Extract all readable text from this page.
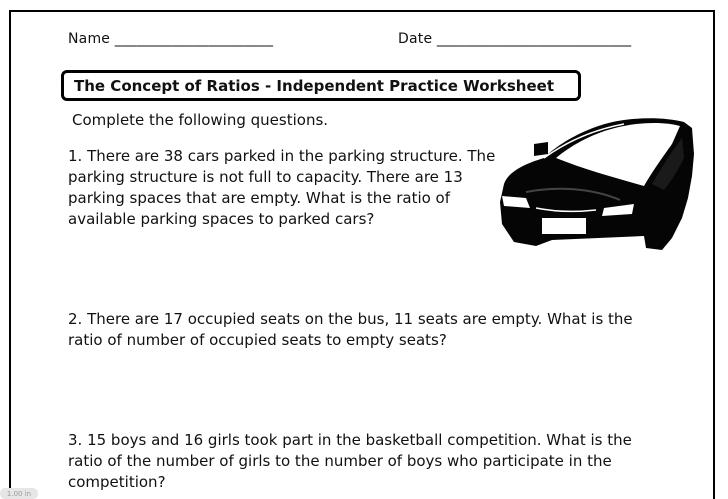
Name ______________________	Date ___________________________
The Concept of Ratios - Independent Practice Worksheet
Complete the following questions.
1. There are 38 cars parked in the parking structure. The
parking structure is not full to capacity. There are 13
parking spaces that are empty. What is the ratio of
available parking spaces to parked cars?
2. There are 17 occupied seats on the bus, 11 seats are empty. What is the
ratio of number of occupied seats to empty seats?
3. 15 boys and 16 girls took part in the basketball competition. What is the
ratio of the number of girls to the number of boys who participate in the
competition?
1.00 in
